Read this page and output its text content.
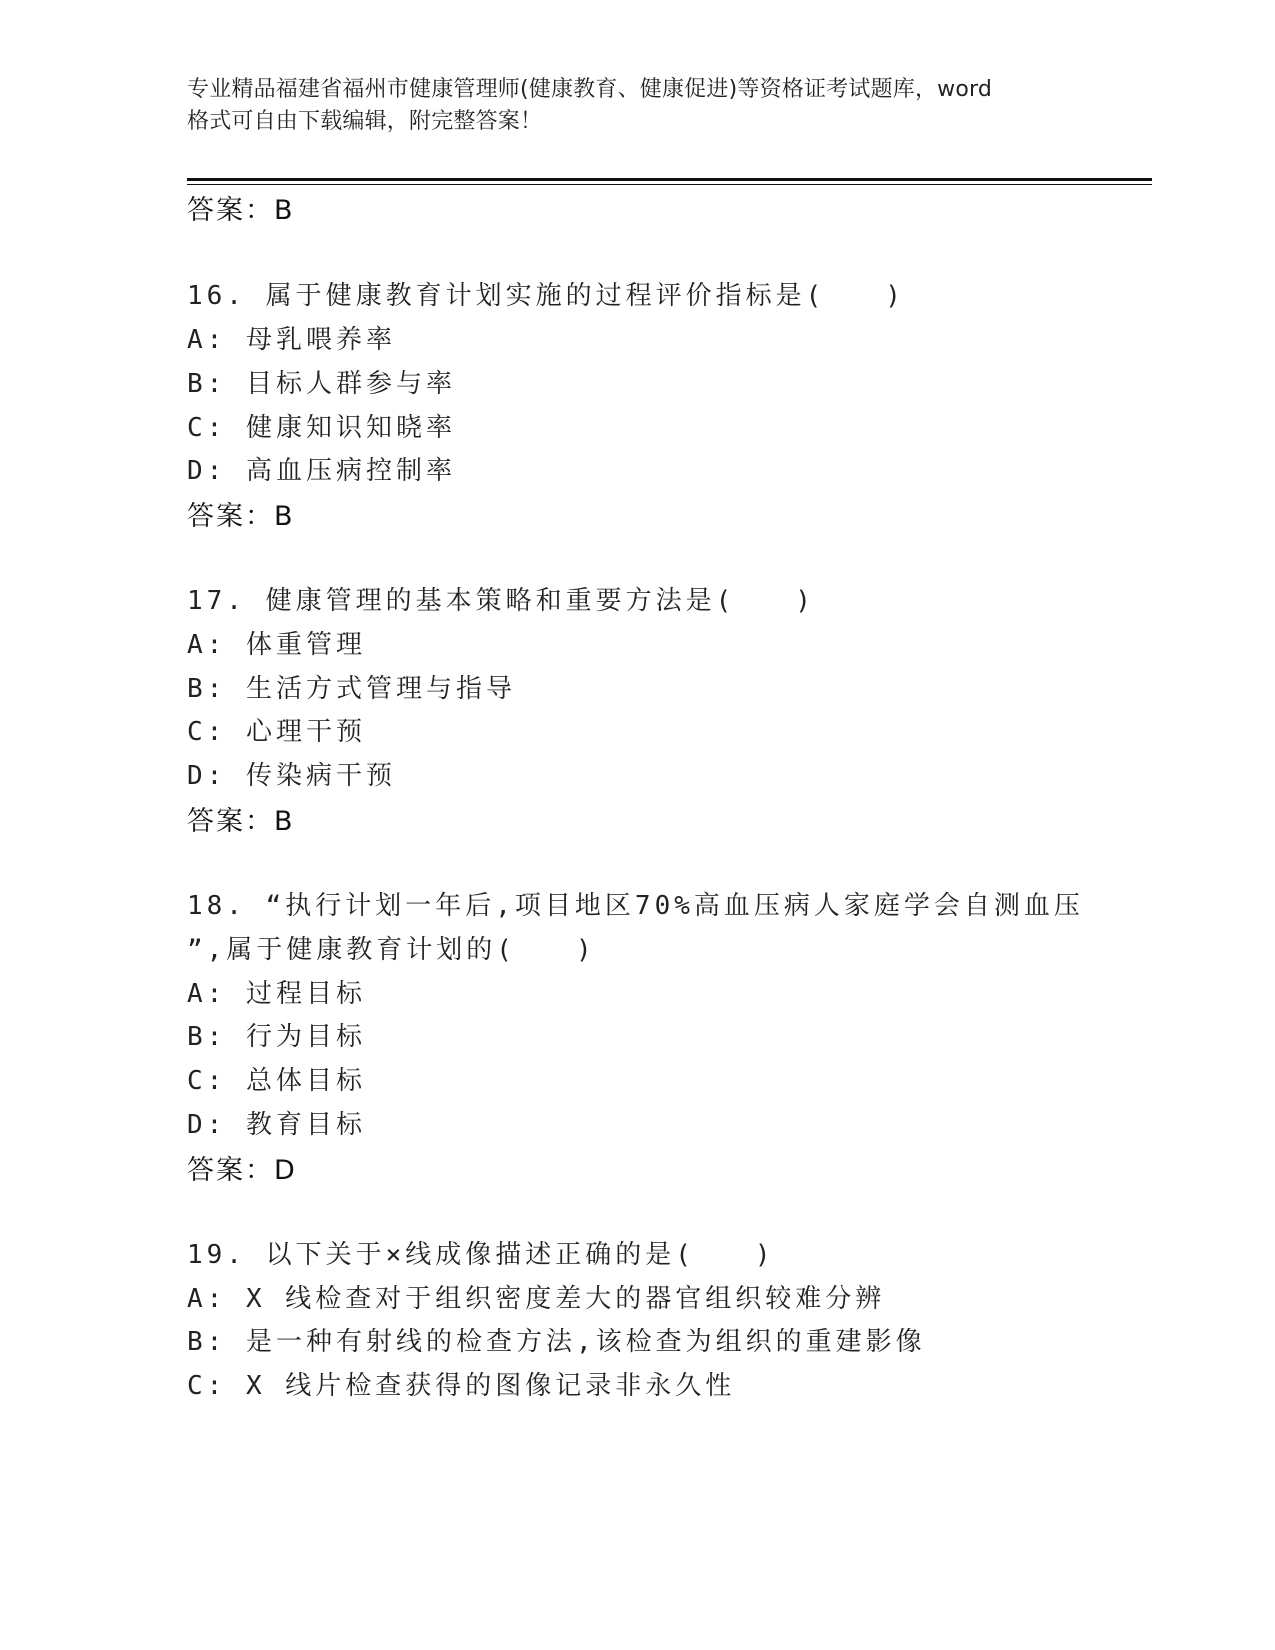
专业精品福建省福州市健康管理师(健康教育、健康促进)等资格证考试题库，word

格式可自由下载编辑，附完整答案！

答案：B
16. 属于健康教育计划实施的过程评价指标是(　　)
A: 母乳喂养率
B: 目标人群参与率
C: 健康知识知晓率
D: 高血压病控制率
答案：B
17. 健康管理的基本策略和重要方法是(　　)
A: 体重管理
B: 生活方式管理与指导
C: 心理干预
D: 传染病干预
答案：B
18. “执行计划一年后,项目地区70%高血压病人家庭学会自测血压
”,属于健康教育计划的(　　)
A: 过程目标
B: 行为目标
C: 总体目标
D: 教育目标
答案：D
19. 以下关于×线成像描述正确的是(　　)
A: X 线检查对于组织密度差大的器官组织较难分辨
B: 是一种有射线的检查方法,该检查为组织的重建影像
C: X 线片检查获得的图像记录非永久性
